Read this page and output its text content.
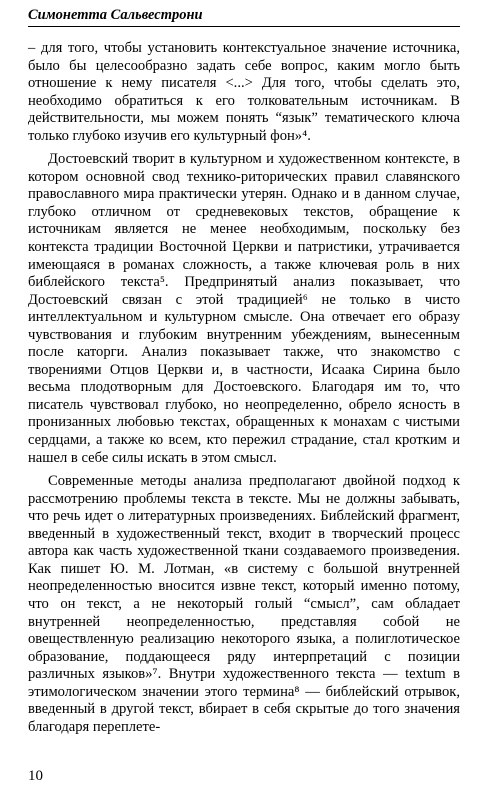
Симонетта Сальвестрони

– для того, чтобы установить контекстуальное значение источника, было бы целесообразно задать себе вопрос, каким могло быть отношение к нему писателя <...> Для того, чтобы сделать это, необходимо обратиться к его толковательным источникам. В действительности, мы можем понять “язык” тематического ключа только глубоко изучив его культурный фон»⁴.

Достоевский творит в культурном и художественном контексте, в котором основной свод технико-риторических правил славянского православного мира практически утерян. Однако и в данном случае, глубоко отличном от средневековых текстов, обращение к источникам является не менее необходимым, поскольку без контекста традиции Восточной Церкви и патристики, утрачивается имеющаяся в романах сложность, а также ключевая роль в них библейского текста⁵. Предпринятый анализ показывает, что Достоевский связан с этой традицией⁶ не только в чисто интеллектуальном и культурном смысле. Она отвечает его образу чувствования и глубоким внутренним убеждениям, вынесенным после каторги. Анализ показывает также, что знакомство с творениями Отцов Церкви и, в частности, Исаака Сирина было весьма плодотворным для Достоевского. Благодаря им то, что писатель чувствовал глубоко, но неопределенно, обрело ясность в пронизанных любовью текстах, обращенных к монахам с чистыми сердцами, а также ко всем, кто пережил страдание, стал кротким и нашел в себе силы искать в этом смысл.

Современные методы анализа предполагают двойной подход к рассмотрению проблемы текста в тексте. Мы не должны забывать, что речь идет о литературных произведениях. Библейский фрагмент, введенный в художественный текст, входит в творческий процесс автора как часть художественной ткани создаваемого произведения. Как пишет Ю. М. Лотман, «в систему с большой внутренней неопределенностью вносится извне текст, который именно потому, что он текст, а не некоторый голый “смысл”, сам обладает внутренней неопределенностью, представляя собой не овеществленную реализацию некоторого языка, а полиглотическое образование, поддающееся ряду интерпретаций с позиции различных языков»⁷. Внутри художественного текста — textum в этимологическом значении этого термина⁸ — библейский отрывок, введенный в другой текст, вбирает в себя скрытые до того значения благодаря переплете-

10
